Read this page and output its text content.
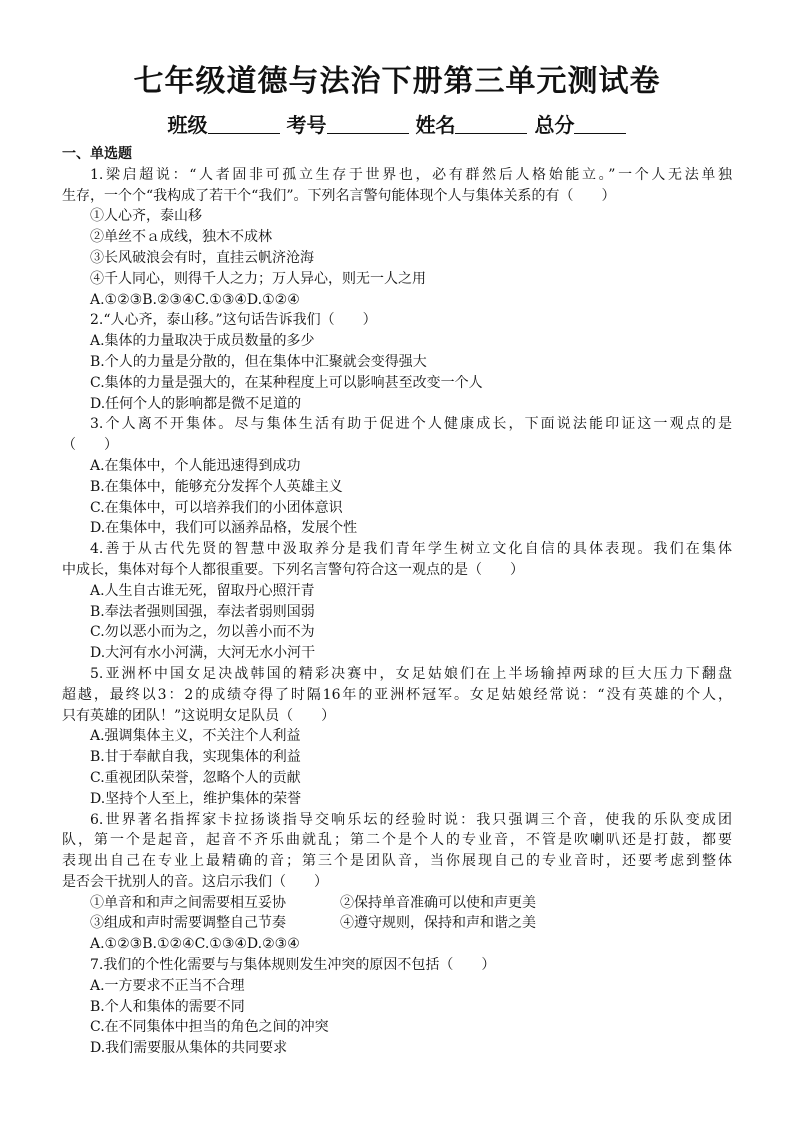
七年级道德与法治下册第三单元测试卷
班级	考号	姓名	总分
一、单选题
1.梁启超说：“人者固非可孤立生存于世界也，必有群然后人格始能立。”一个人无法单独
生存，一个个“我构成了若干个“我们”。下列名言警句能体现个人与集体关系的有（　　）
①人心齐，泰山移
②单丝不ａ成线，独木不成林
③长风破浪会有时，直挂云帆济沧海
④千人同心，则得千人之力；万人异心，则无一人之用
A.①②③B.②③④C.①③④D.①②④
2.“人心齐，泰山移。”这句话告诉我们（　　）
A.集体的力量取决于成员数量的多少
B.个人的力量是分散的，但在集体中汇聚就会变得强大
C.集体的力量是强大的，在某种程度上可以影响甚至改变一个人
D.任何个人的影响都是微不足道的
3.个人离不开集体。尽与集体生活有助于促进个人健康成长，下面说法能印证这一观点的是
（　　）
A.在集体中，个人能迅速得到成功
B.在集体中，能够充分发挥个人英雄主义
C.在集体中，可以培养我们的小团体意识
D.在集体中，我们可以涵养品格，发展个性
4.善于从古代先贤的智慧中汲取养分是我们青年学生树立文化自信的具体表现。我们在集体
中成长，集体对每个人都很重要。下列名言警句符合这一观点的是（　　）
A.人生自古谁无死，留取丹心照汗青
B.奉法者强则国强，奉法者弱则国弱
C.勿以恶小而为之，勿以善小而不为
D.大河有水小河满，大河无水小河干
5.亚洲杯中国女足决战韩国的精彩决赛中，女足姑娘们在上半场输掉两球的巨大压力下翻盘
超越，最终以3：2的成绩夺得了时隔16年的亚洲杯冠军。女足姑娘经常说：“没有英雄的个人，
只有英雄的团队！”这说明女足队员（　　）
A.强调集体主义，不关注个人利益
B.甘于奉献自我，实现集体的利益
C.重视团队荣誉，忽略个人的贡献
D.坚持个人至上，维护集体的荣誉
6.世界著名指挥家卡拉扬谈指导交响乐坛的经验时说：我只强调三个音，使我的乐队变成团
队，第一个是起音，起音不齐乐曲就乱；第二个是个人的专业音，不管是吹喇叭还是打鼓，都要
表现出自己在专业上最精确的音；第三个是团队音，当你展现自己的专业音时，还要考虑到整体
是否会干扰别人的音。这启示我们（　　）
①单音和和声之间需要相互妥协	②保持单音准确可以使和声更美
③组成和声时需要调整自己节奏	④遵守规则，保持和声和谐之美
A.①②③B.①②④C.①③④D.②③④
7.我们的个性化需要与与集体规则发生冲突的原因不包括（　　）
A.一方要求不正当不合理
B.个人和集体的需要不同
C.在不同集体中担当的角色之间的冲突
D.我们需要服从集体的共同要求
